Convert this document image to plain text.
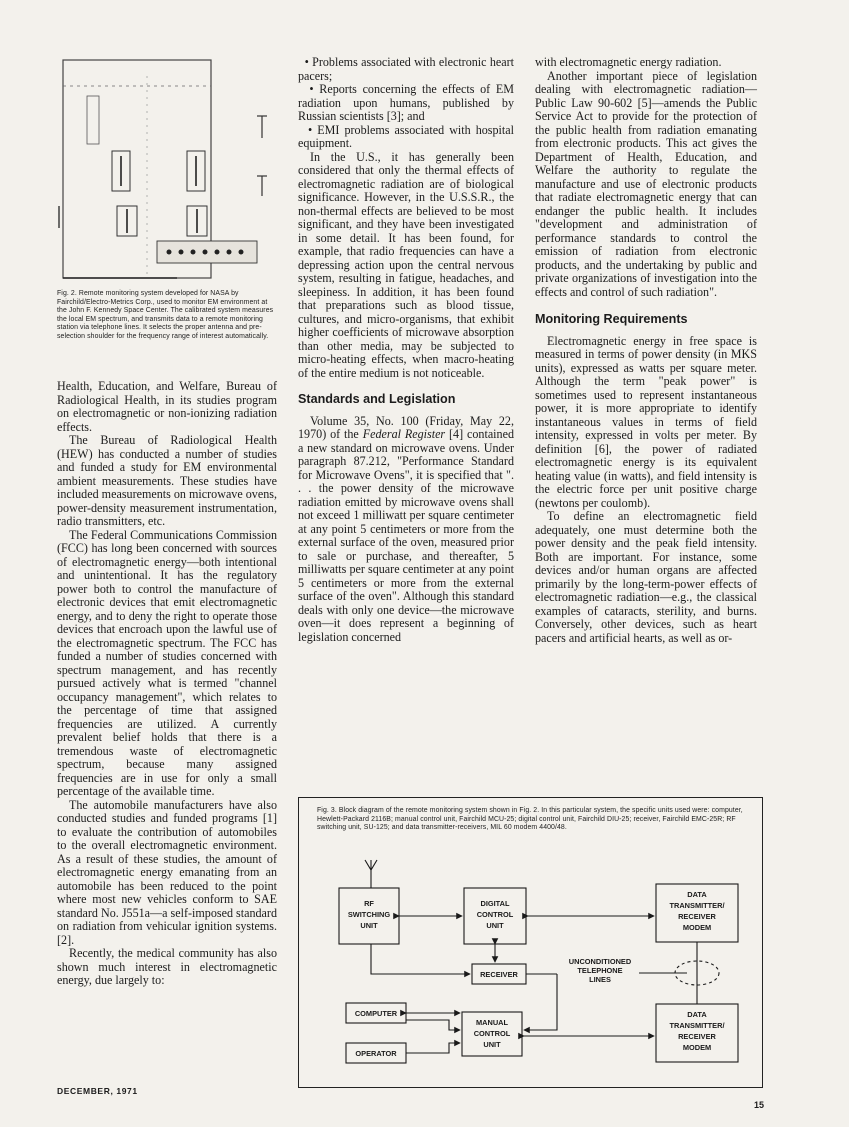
Fig. 2. Remote monitoring system developed for NASA by Fairchild/Electro-Metrics Corp., used to monitor EM environment at the John F. Kennedy Space Center. The calibrated system measures the local EM spectrum, and transmits data to a remote monitoring station via telephone lines. It selects the proper antenna and pre-selection shoulder for the frequency range of interest automatically.

Health, Education, and Welfare, Bureau of Radiological Health, in its studies program on electromagnetic or non-ionizing radiation effects.

The Bureau of Radiological Health (HEW) has conducted a number of studies and funded a study for EM environmental ambient measurements. These studies have included measurements on microwave ovens, power-density measurement instrumentation, radio transmitters, etc.

The Federal Communications Commission (FCC) has long been concerned with sources of electromagnetic energy—both intentional and unintentional. It has the regulatory power both to control the manufacture of electronic devices that emit electromagnetic energy, and to deny the right to operate those devices that encroach upon the lawful use of the electromagnetic spectrum. The FCC has funded a number of studies concerned with spectrum management, and has recently pursued actively what is termed "channel occupancy management", which relates to the percentage of time that assigned frequencies are utilized. A currently prevalent belief holds that there is a tremendous waste of electromagnetic spectrum, because many assigned frequencies are in use for only a small percentage of the available time.

The automobile manufacturers have also conducted studies and funded programs [1] to evaluate the contribution of automobiles to the overall electromagnetic environment. As a result of these studies, the amount of electromagnetic energy emanating from an automobile has been reduced to the point where most new vehicles conform to SAE standard No. J551a—a self-imposed standard on radiation from vehicular ignition systems. [2].

Recently, the medical community has also shown much interest in electromagnetic energy, due largely to:

• Problems associated with electronic heart pacers;

• Reports concerning the effects of EM radiation upon humans, published by Russian scientists [3]; and

• EMI problems associated with hospital equipment.

In the U.S., it has generally been considered that only the thermal effects of electromagnetic radiation are of biological significance. However, in the U.S.S.R., the non-thermal effects are believed to be most significant, and they have been investigated in some detail. It has been found, for example, that radio frequencies can have a depressing action upon the central nervous system, resulting in fatigue, headaches, and sleepiness. In addition, it has been found that preparations such as blood tissue, cultures, and micro-organisms, that exhibit higher coefficients of microwave absorption than other media, may be subjected to micro-heating effects, when macro-heating of the entire medium is not noticeable.

Standards and Legislation

Volume 35, No. 100 (Friday, May 22, 1970) of the Federal Register [4] contained a new standard on microwave ovens. Under paragraph 87.212, "Performance Standard for Microwave Ovens", it is specified that ". . . the power density of the microwave radiation emitted by microwave ovens shall not exceed 1 milliwatt per square centimeter at any point 5 centimeters or more from the external surface of the oven, measured prior to sale or purchase, and thereafter, 5 milliwatts per square centimeter at any point 5 centimeters or more from the external surface of the oven". Although this standard deals with only one device—the microwave oven—it does represent a beginning of legislation concerned

with electromagnetic energy radiation.

Another important piece of legislation dealing with electromagnetic radiation—Public Law 90-602 [5]—amends the Public Service Act to provide for the protection of the public health from radiation emanating from electronic products. This act gives the Department of Health, Education, and Welfare the authority to regulate the manufacture and use of electronic products that radiate electromagnetic energy that can endanger the public health. It includes "development and administration of performance standards to control the emission of radiation from electronic products, and the undertaking by public and private organizations of investigation into the effects and control of such radiation".

Monitoring Requirements

Electromagnetic energy in free space is measured in terms of power density (in MKS units), expressed as watts per square meter. Although the term "peak power" is sometimes used to represent instantaneous power, it is more appropriate to identify instantaneous values in terms of field intensity, expressed in volts per meter. By definition [6], the power of radiated electromagnetic energy is its equivalent heating value (in watts), and field intensity is the electric force per unit positive charge (newtons per coulomb).

To define an electromagnetic field adequately, one must determine both the power density and the peak field intensity. Both are important. For instance, some devices and/or human organs are affected primarily by the long-term-power effects of electromagnetic radiation—e.g., the classical examples of cataracts, sterility, and burns. Conversely, other devices, such as heart pacers and artificial hearts, as well as or-

RF
SWITCHING
UNIT
DIGITAL
CONTROL
UNIT
DATA
TRANSMITTER/
RECEIVER
MODEM
RECEIVER
UNCONDITIONED
TELEPHONE
LINES
COMPUTER
MANUAL
CONTROL
UNIT
DATA
TRANSMITTER/
RECEIVER
MODEM
OPERATOR
Fig. 3. Block diagram of the remote monitoring system shown in Fig. 2. In this particular system, the specific units used were: computer, Hewlett-Packard 2116B; manual control unit, Fairchild MCU-25; digital control unit, Fairchild DIU-25; receiver, Fairchild EMC-25R; RF switching unit, SU-125; and data transmitter-receivers, MIL 60 modem 4400/48.
DECEMBER, 1971
15
